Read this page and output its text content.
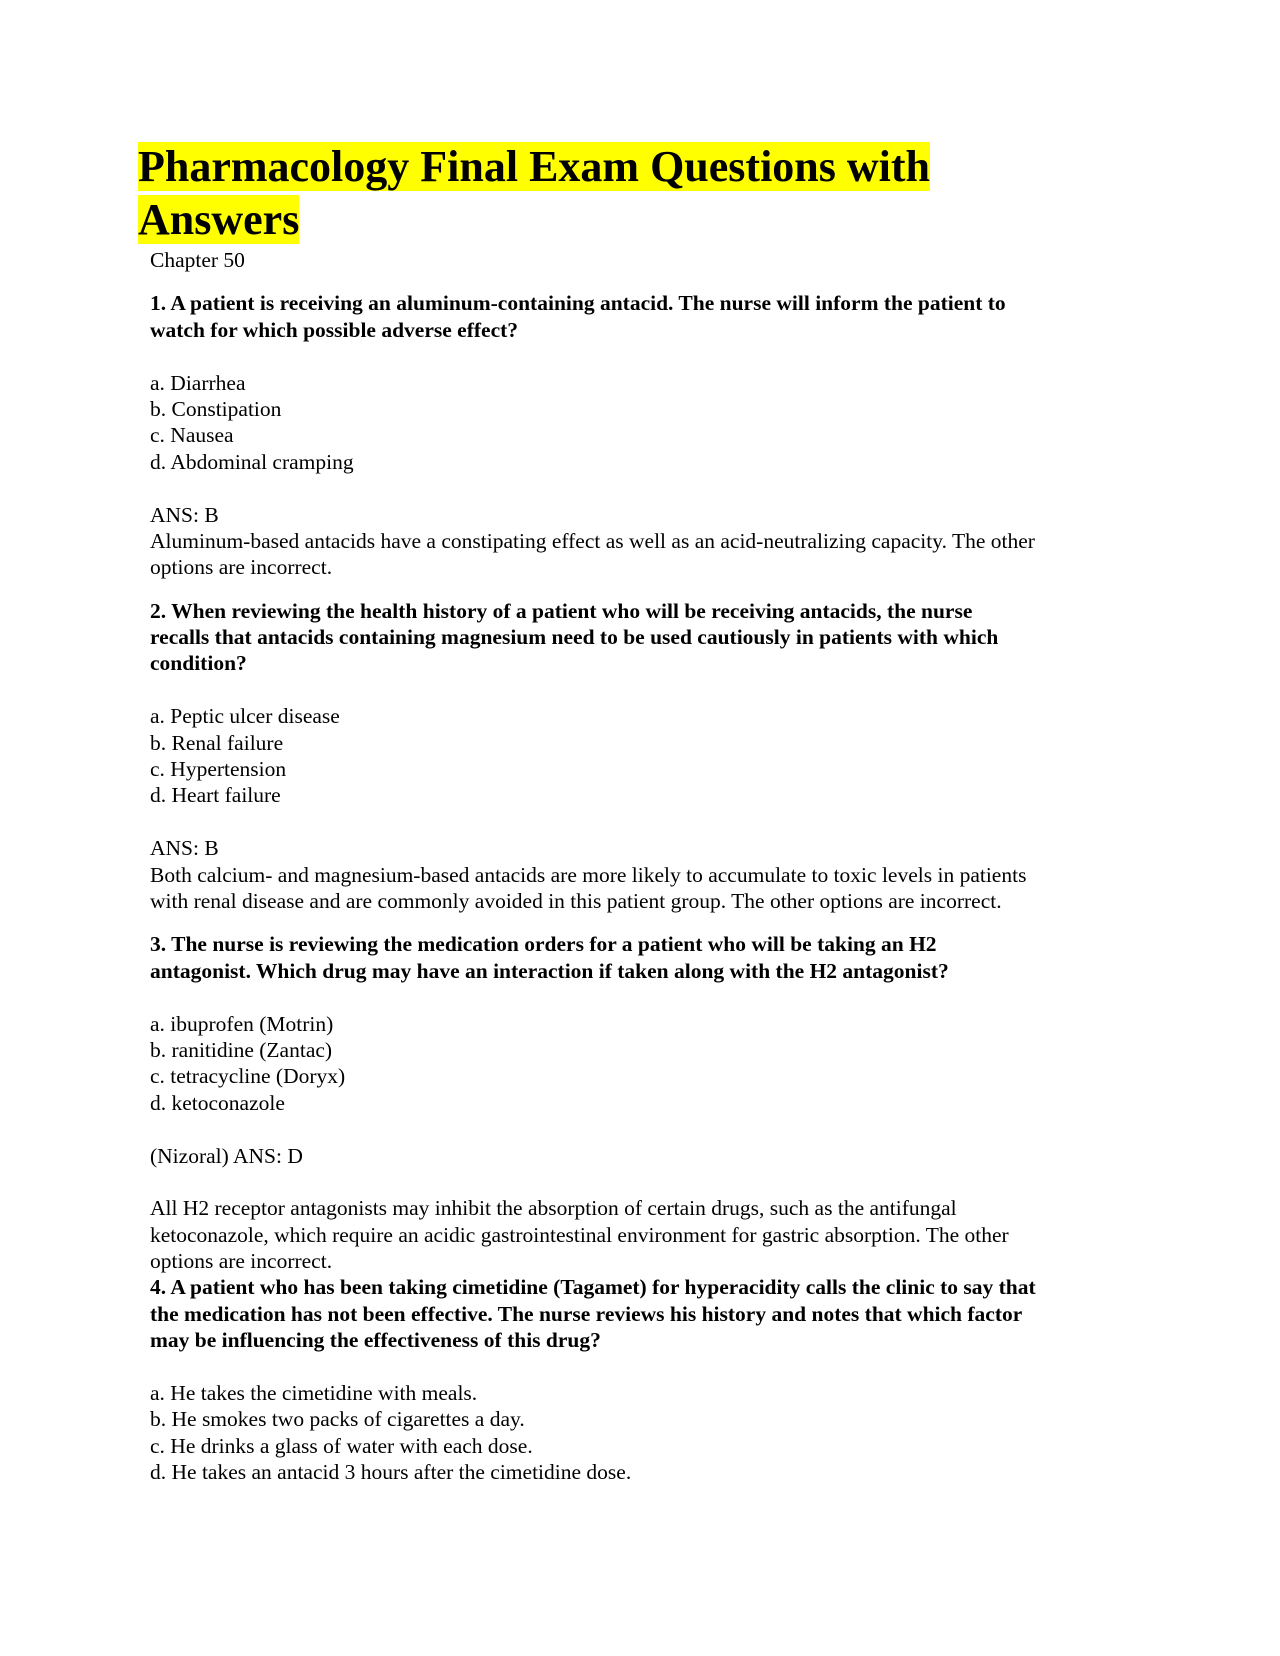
Pharmacology Final Exam Questions with
Answers
Chapter 50
1. A patient is receiving an aluminum-containing antacid. The nurse will inform the patient to
watch for which possible adverse effect?
a. Diarrhea
b. Constipation
c. Nausea
d. Abdominal cramping
ANS: B
Aluminum-based antacids have a constipating effect as well as an acid-neutralizing capacity. The other
options are incorrect.
2. When reviewing the health history of a patient who will be receiving antacids, the nurse
recalls that antacids containing magnesium need to be used cautiously in patients with which
condition?
a. Peptic ulcer disease
b. Renal failure
c. Hypertension
d. Heart failure
ANS: B
Both calcium- and magnesium-based antacids are more likely to accumulate to toxic levels in patients
with renal disease and are commonly avoided in this patient group. The other options are incorrect.
3. The nurse is reviewing the medication orders for a patient who will be taking an H2
antagonist. Which drug may have an interaction if taken along with the H2 antagonist?
a. ibuprofen (Motrin)
b. ranitidine (Zantac)
c. tetracycline (Doryx)
d. ketoconazole
(Nizoral) ANS: D
All H2 receptor antagonists may inhibit the absorption of certain drugs, such as the antifungal
ketoconazole, which require an acidic gastrointestinal environment for gastric absorption. The other
options are incorrect.
4. A patient who has been taking cimetidine (Tagamet) for hyperacidity calls the clinic to say that
the medication has not been effective. The nurse reviews his history and notes that which factor
may be influencing the effectiveness of this drug?
a. He takes the cimetidine with meals.
b. He smokes two packs of cigarettes a day.
c. He drinks a glass of water with each dose.
d. He takes an antacid 3 hours after the cimetidine dose.
